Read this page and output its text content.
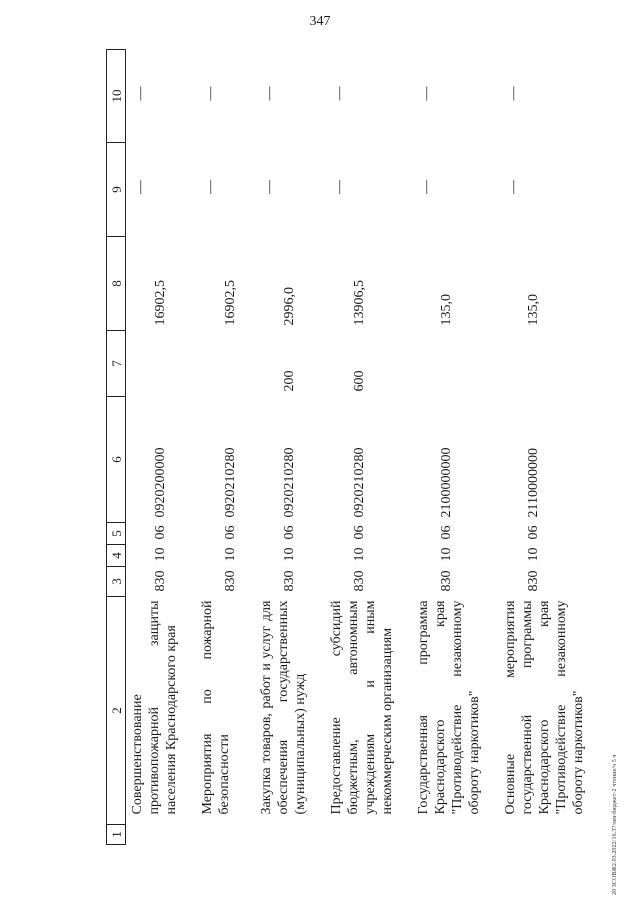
347
20 ЗСОВЖ2.03.2022/16.37/мм-бюджет-2 чтение/ч 5 ч
1	2	3	4	5	6	7	8	9	10
	Совершенствование противопожарной защиты населения Краснодарского края	830	10	06	0920200000		16902,5	—	—
	Мероприятия по пожарной безопасности	830	10	06	0920210280		16902,5	—	—
	Закупка товаров, работ и услуг для обеспечения государственных (муниципальных) нужд	830	10	06	0920210280	200	2996,0	—	—
	Предоставление субсидий бюджетным, автономным учреждениям и иным некоммерческим организациям	830	10	06	0920210280	600	13906,5	—	—
	Государственная программа Краснодарского края "Противодействие незаконному обороту наркотиков"	830	10	06	2100000000		135,0	—	—
	Основные мероприятия государственной программы Краснодарского края "Противодействие незаконному обороту наркотиков"	830	10	06	2110000000		135,0	—	—
